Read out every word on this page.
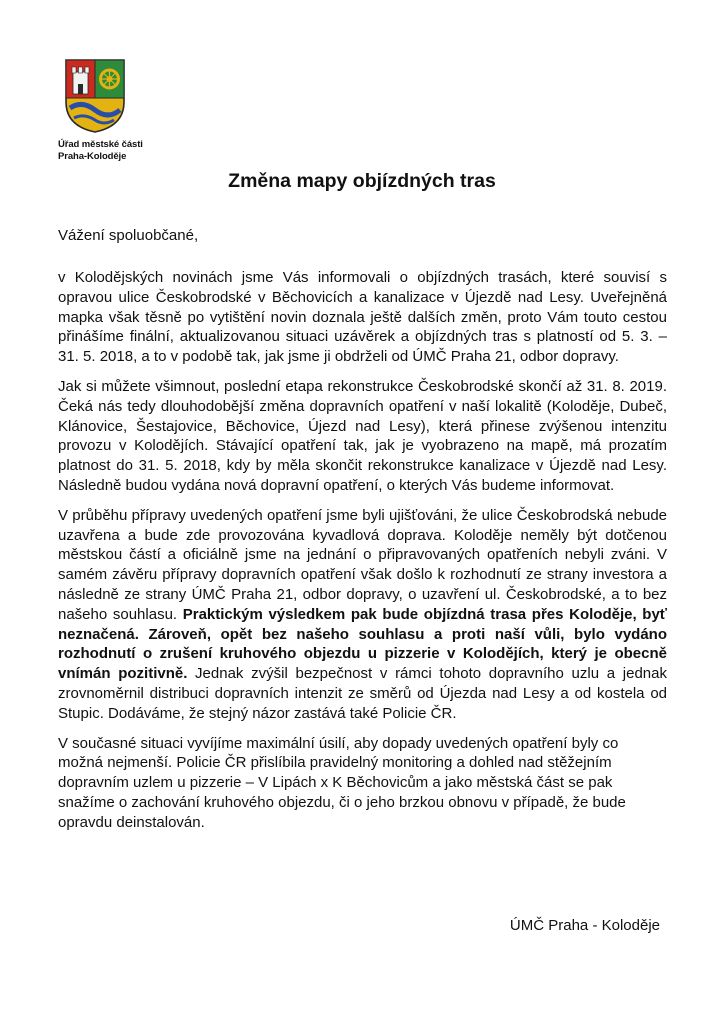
Úřad městské části
Praha-Koloděje
Změna mapy objízdných tras

Vážení spoluobčané,

v Kolodějských novinách jsme Vás informovali o objízdných trasách, které souvisí s opravou ulice Českobrodské v Běchovicích a kanalizace v Újezdě nad Lesy. Uveřejněná mapka však těsně po vytištění novin doznala ještě dalších změn, proto Vám touto cestou přinášíme finální, aktualizovanou situaci uzávěrek a objízdných tras s platností od 5. 3. – 31. 5. 2018, a to v podobě tak, jak jsme ji obdrželi od ÚMČ Praha 21, odbor dopravy.

Jak si můžete všimnout, poslední etapa rekonstrukce Českobrodské skončí až 31. 8. 2019. Čeká nás tedy dlouhodobější změna dopravních opatření v naší lokalitě (Koloděje, Dubeč, Klánovice, Šestajovice, Běchovice, Újezd nad Lesy), která přinese zvýšenou intenzitu provozu v Kolodějích. Stávající opatření tak, jak je vyobrazeno na mapě, má prozatím platnost do 31. 5. 2018, kdy by měla skončit rekonstrukce kanalizace v Újezdě nad Lesy. Následně budou vydána nová dopravní opatření, o kterých Vás budeme informovat.

V průběhu přípravy uvedených opatření jsme byli ujišťováni, že ulice Českobrodská nebude uzavřena a bude zde provozována kyvadlová doprava. Koloděje neměly být dotčenou městskou částí a oficiálně jsme na jednání o připravovaných opatřeních nebyli zváni. V samém závěru přípravy dopravních opatření však došlo k rozhodnutí ze strany investora a následně ze strany ÚMČ Praha 21, odbor dopravy, o uzavření ul. Českobrodské, a to bez našeho souhlasu. Praktickým výsledkem pak bude objízdná trasa přes Koloděje, byť neznačená. Zároveň, opět bez našeho souhlasu a proti naší vůli, bylo vydáno rozhodnutí o zrušení kruhového objezdu u pizzerie v Kolodějích, který je obecně vnímán pozitivně. Jednak zvýšil bezpečnost v rámci tohoto dopravního uzlu a jednak zrovnoměrnil distribuci dopravních intenzit ze směrů od Újezda nad Lesy a od kostela od Stupic. Dodáváme, že stejný názor zastává také Policie ČR.

V současné situaci vyvíjíme maximální úsilí, aby dopady uvedených opatření byly co možná nejmenší. Policie ČR přislíbila pravidelný monitoring a dohled nad stěžejním dopravním uzlem u pizzerie – V Lipách x K Běchovicům a jako městská část se pak snažíme o zachování kruhového objezdu, či o jeho brzkou obnovu v případě, že bude opravdu deinstalován.

ÚMČ Praha - Koloděje
